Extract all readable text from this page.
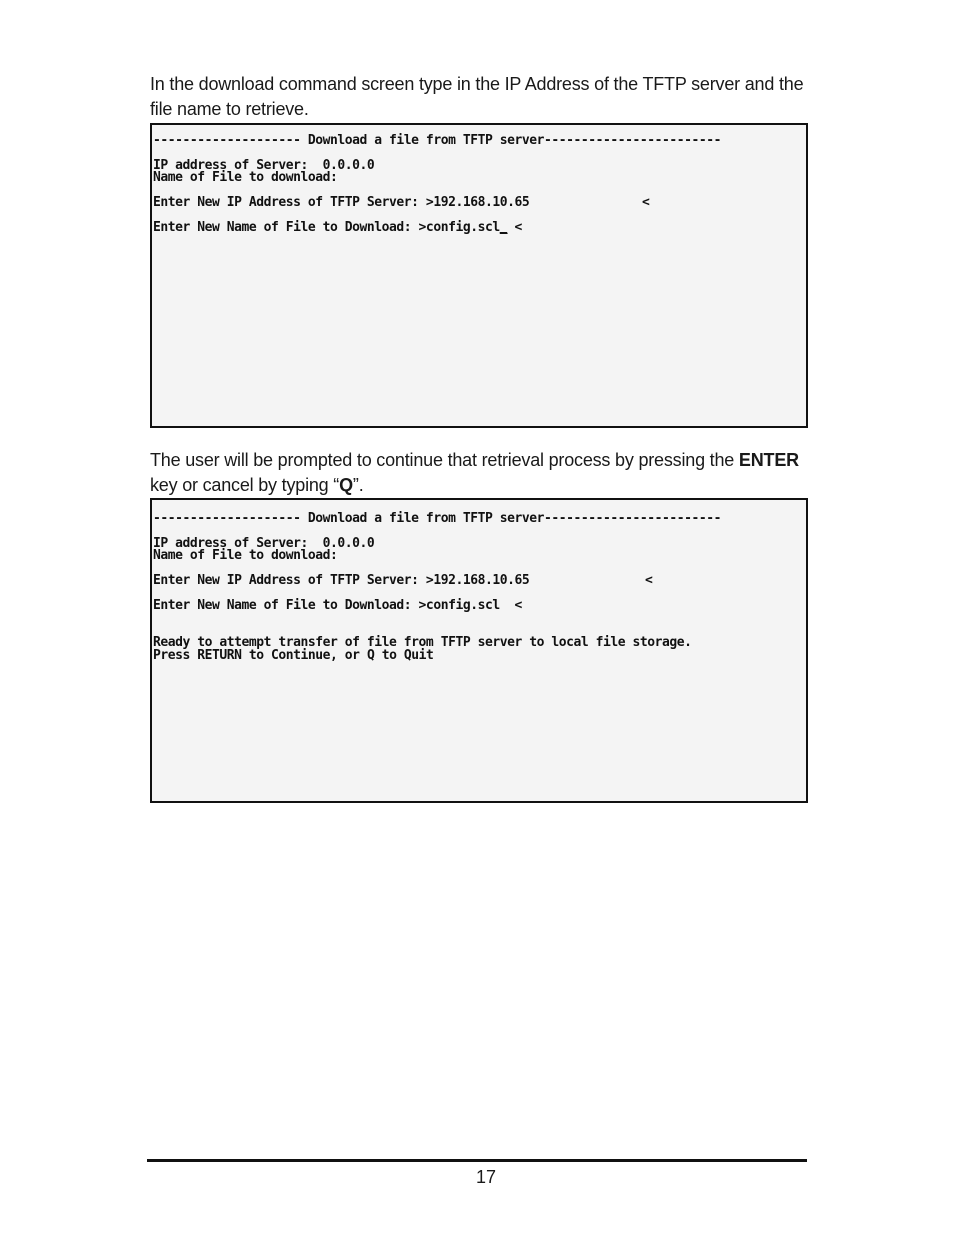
In the download command screen type in the IP Address of the TFTP server and the
file name to retrieve.
-------------------- Download a file from TFTP server------------------------
IP address of Server:  0.0.0.0
Name of File to download:
Enter New IP Address of TFTP Server: >192.168.10.65	<
Enter New Name of File to Download: >config.scl_ <
The user will be prompted to continue that retrieval process by pressing the ENTER
key or cancel by typing “Q”.
-------------------- Download a file from TFTP server------------------------
IP address of Server:  0.0.0.0
Name of File to download:
Enter New IP Address of TFTP Server: >192.168.10.65	<
Enter New Name of File to Download: >config.scl <
Ready to attempt transfer of file from TFTP server to local file storage.
Press RETURN to Continue, or Q to Quit
17
